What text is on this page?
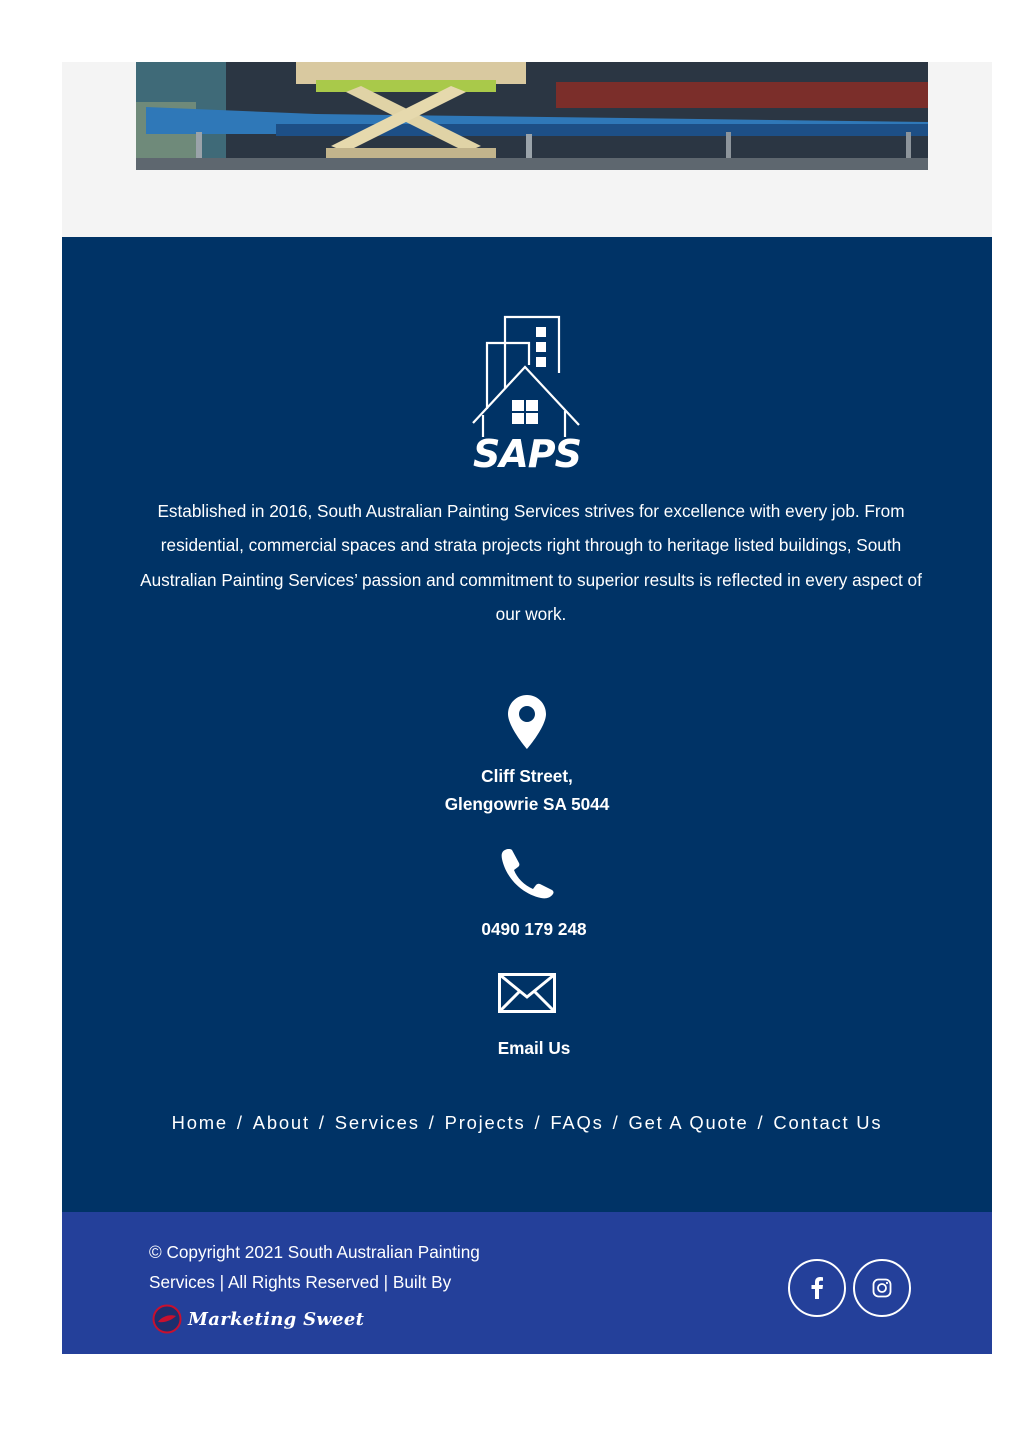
SAPS

Established in 2016, South Australian Painting Services strives for excellence with every job. From residential, commercial spaces and strata projects right through to heritage listed buildings, South Australian Painting Services’ passion and commitment to superior results is reflected in every aspect of our work.

Cliff Street,
Glengowrie SA 5044
0490 179 248
Email Us
Home / About / Services / Projects / FAQs / Get A Quote / Contact Us
© Copyright 2021 South Australian Painting
Services | All Rights Reserved | Built By
Marketing Sweet
